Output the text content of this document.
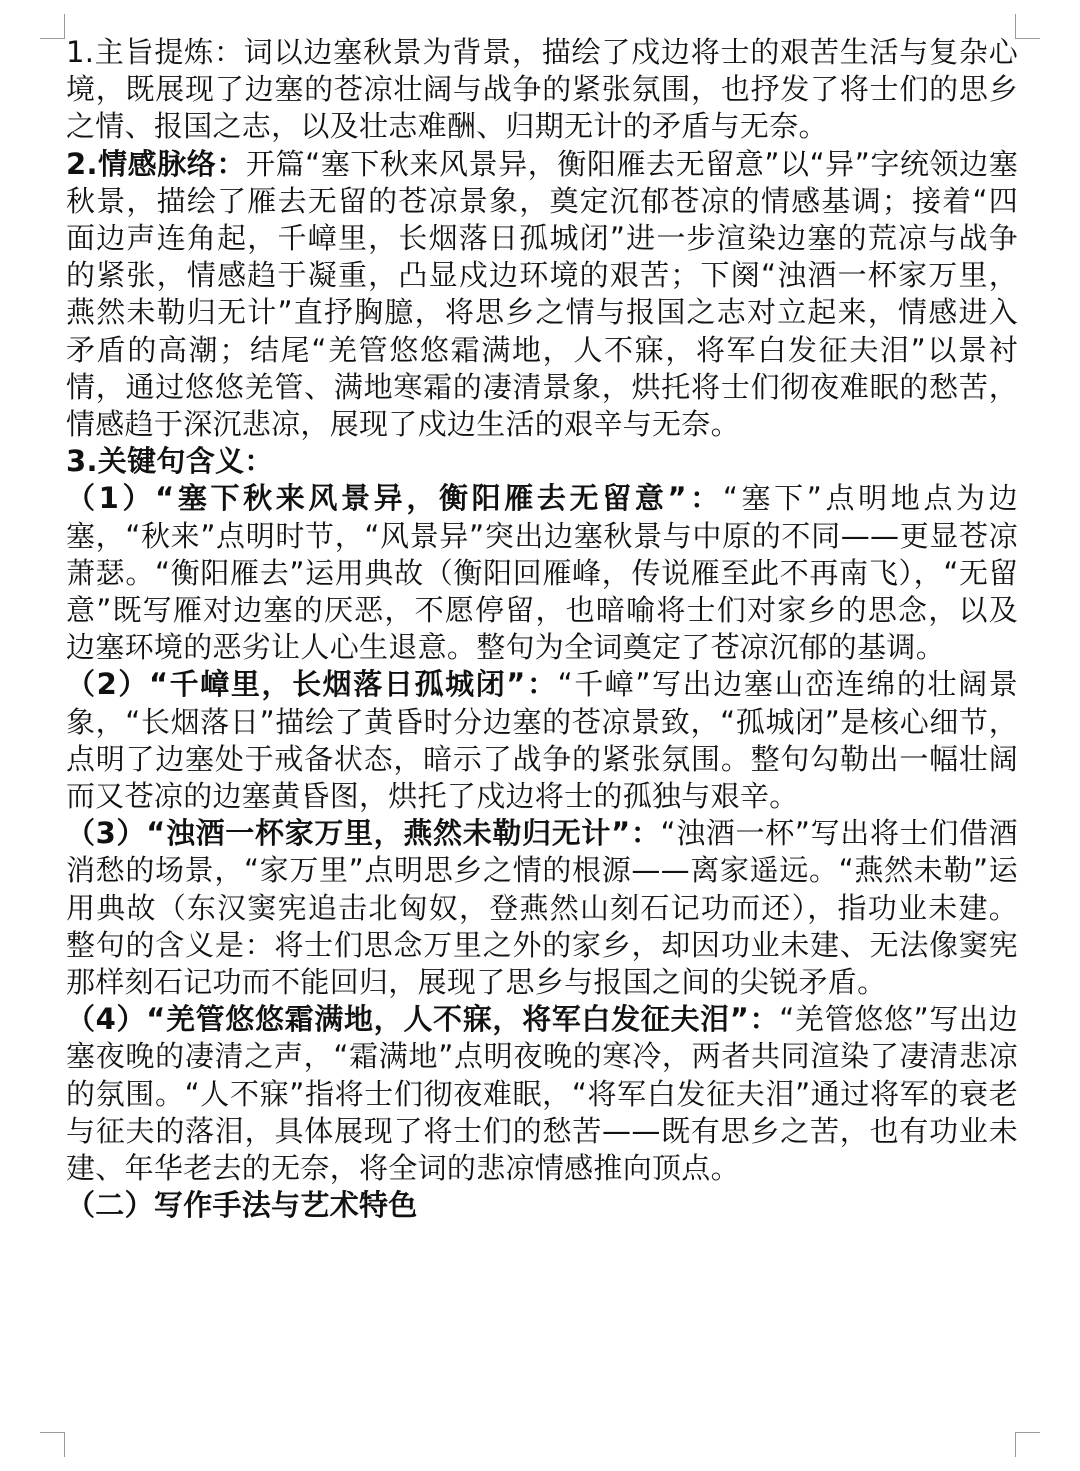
1.主旨提炼：词以边塞秋景为背景，描绘了戍边将士的艰苦生活与复杂心境，既展现了边塞的苍凉壮阔与战争的紧张氛围，也抒发了将士们的思乡之情、报国之志，以及壮志难酬、归期无计的矛盾与无奈。

2.情感脉络：开篇“塞下秋来风景异，衡阳雁去无留意”以“异”字统领边塞秋景，描绘了雁去无留的苍凉景象，奠定沉郁苍凉的情感基调；接着“四面边声连角起，千嶂里，长烟落日孤城闭”进一步渲染边塞的荒凉与战争的紧张，情感趋于凝重，凸显戍边环境的艰苦；下阕“浊酒一杯家万里，燕然未勒归无计”直抒胸臆，将思乡之情与报国之志对立起来，情感进入矛盾的高潮；结尾“羌管悠悠霜满地，人不寐，将军白发征夫泪”以景衬情，通过悠悠羌管、满地寒霜的凄清景象，烘托将士们彻夜难眠的愁苦，情感趋于深沉悲凉，展现了戍边生活的艰辛与无奈。

3.关键句含义：

（1）“塞下秋来风景异，衡阳雁去无留意”：“塞下”点明地点为边塞，“秋来”点明时节，“风景异”突出边塞秋景与中原的不同——更显苍凉萧瑟。“衡阳雁去”运用典故（衡阳回雁峰，传说雁至此不再南飞），“无留意”既写雁对边塞的厌恶，不愿停留，也暗喻将士们对家乡的思念，以及边塞环境的恶劣让人心生退意。整句为全词奠定了苍凉沉郁的基调。

（2）“千嶂里，长烟落日孤城闭”：“千嶂”写出边塞山峦连绵的壮阔景象，“长烟落日”描绘了黄昏时分边塞的苍凉景致，“孤城闭”是核心细节，点明了边塞处于戒备状态，暗示了战争的紧张氛围。整句勾勒出一幅壮阔而又苍凉的边塞黄昏图，烘托了戍边将士的孤独与艰辛。

（3）“浊酒一杯家万里，燕然未勒归无计”：“浊酒一杯”写出将士们借酒消愁的场景，“家万里”点明思乡之情的根源——离家遥远。“燕然未勒”运用典故（东汉窦宪追击北匈奴，登燕然山刻石记功而还），指功业未建。整句的含义是：将士们思念万里之外的家乡，却因功业未建、无法像窦宪那样刻石记功而不能回归，展现了思乡与报国之间的尖锐矛盾。

（4）“羌管悠悠霜满地，人不寐，将军白发征夫泪”：“羌管悠悠”写出边塞夜晚的凄清之声，“霜满地”点明夜晚的寒冷，两者共同渲染了凄清悲凉的氛围。“人不寐”指将士们彻夜难眠，“将军白发征夫泪”通过将军的衰老与征夫的落泪，具体展现了将士们的愁苦——既有思乡之苦，也有功业未建、年华老去的无奈，将全词的悲凉情感推向顶点。

（二）写作手法与艺术特色
